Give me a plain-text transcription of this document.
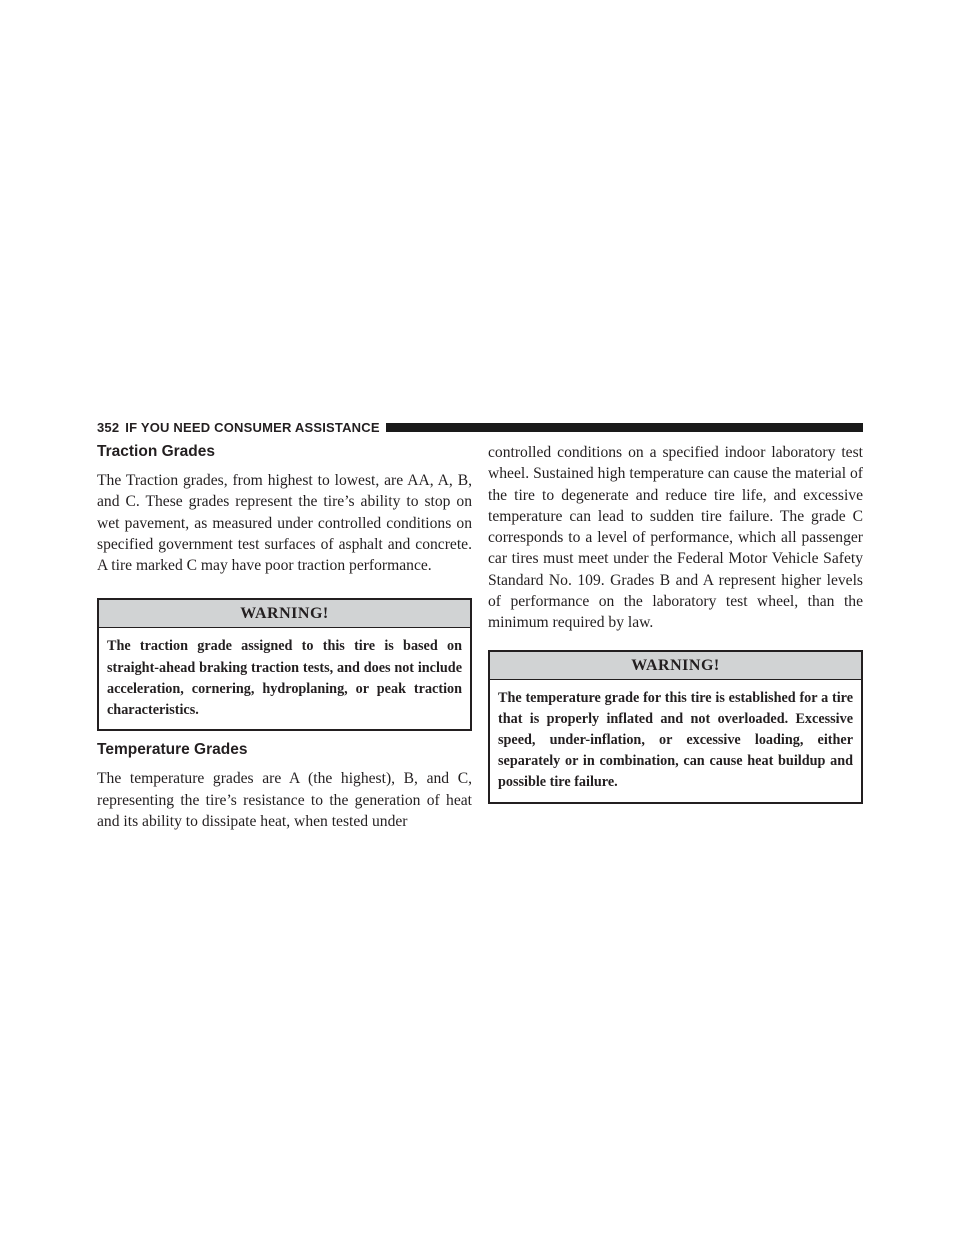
352 IF YOU NEED CONSUMER ASSISTANCE
Traction Grades

The Traction grades, from highest to lowest, are AA, A, B, and C. These grades represent the tire’s ability to stop on wet pavement, as measured under controlled conditions on specified government test surfaces of asphalt and concrete. A tire marked C may have poor traction performance.

WARNING!

The traction grade assigned to this tire is based on straight-ahead braking traction tests, and does not include acceleration, cornering, hydroplaning, or peak traction characteristics.

Temperature Grades

The temperature grades are A (the highest), B, and C, representing the tire’s resistance to the generation of heat and its ability to dissipate heat, when tested under

controlled conditions on a specified indoor laboratory test wheel. Sustained high temperature can cause the material of the tire to degenerate and reduce tire life, and excessive temperature can lead to sudden tire failure. The grade C corresponds to a level of performance, which all passenger car tires must meet under the Federal Motor Vehicle Safety Standard No. 109. Grades B and A represent higher levels of performance on the laboratory test wheel, than the minimum required by law.

WARNING!

The temperature grade for this tire is established for a tire that is properly inflated and not overloaded. Excessive speed, under-inflation, or excessive loading, either separately or in combination, can cause heat buildup and possible tire failure.
